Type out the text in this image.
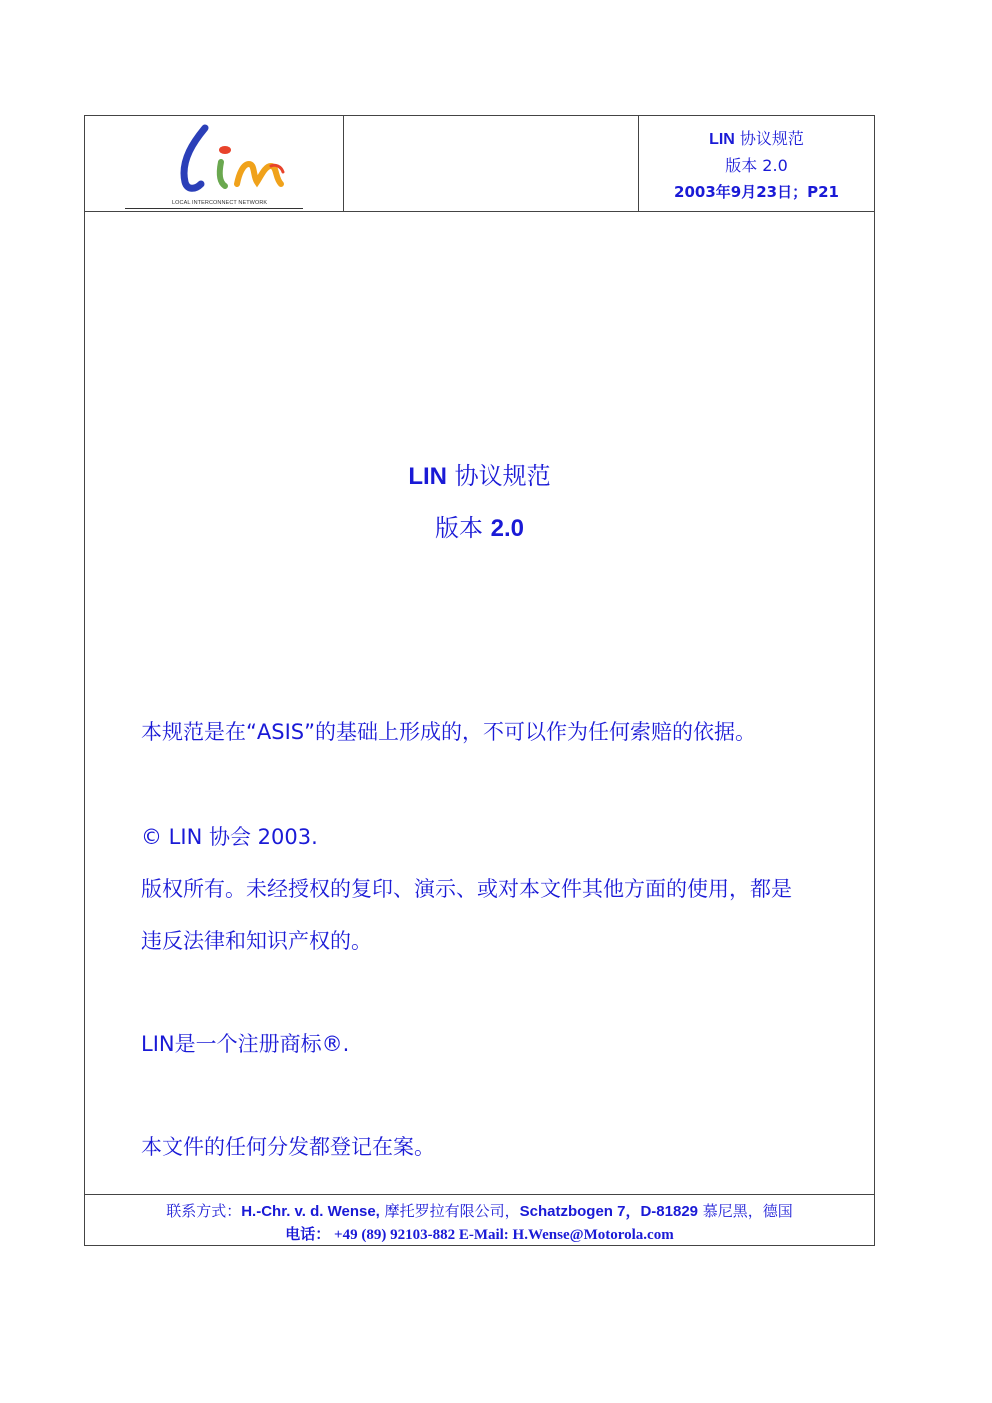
LOCAL INTERCONNECT NETWORK
LIN 协议规范
版本 2.0
2003年9月23日；P21
LIN 协议规范
版本 2.0
本规范是在“ASIS”的基础上形成的，不可以作为任何索赔的依据。
© LIN 协会 2003.
版权所有。未经授权的复印、演示、或对本文件其他方面的使用，都是
违反法律和知识产权的。
LIN是一个注册商标®.
本文件的任何分发都登记在案。
联系方式：H.-Chr. v. d. Wense, 摩托罗拉有限公司，Schatzbogen 7，D-81829 慕尼黑，德国
电话： +49 (89) 92103-882 E-Mail: H.Wense@Motorola.com
